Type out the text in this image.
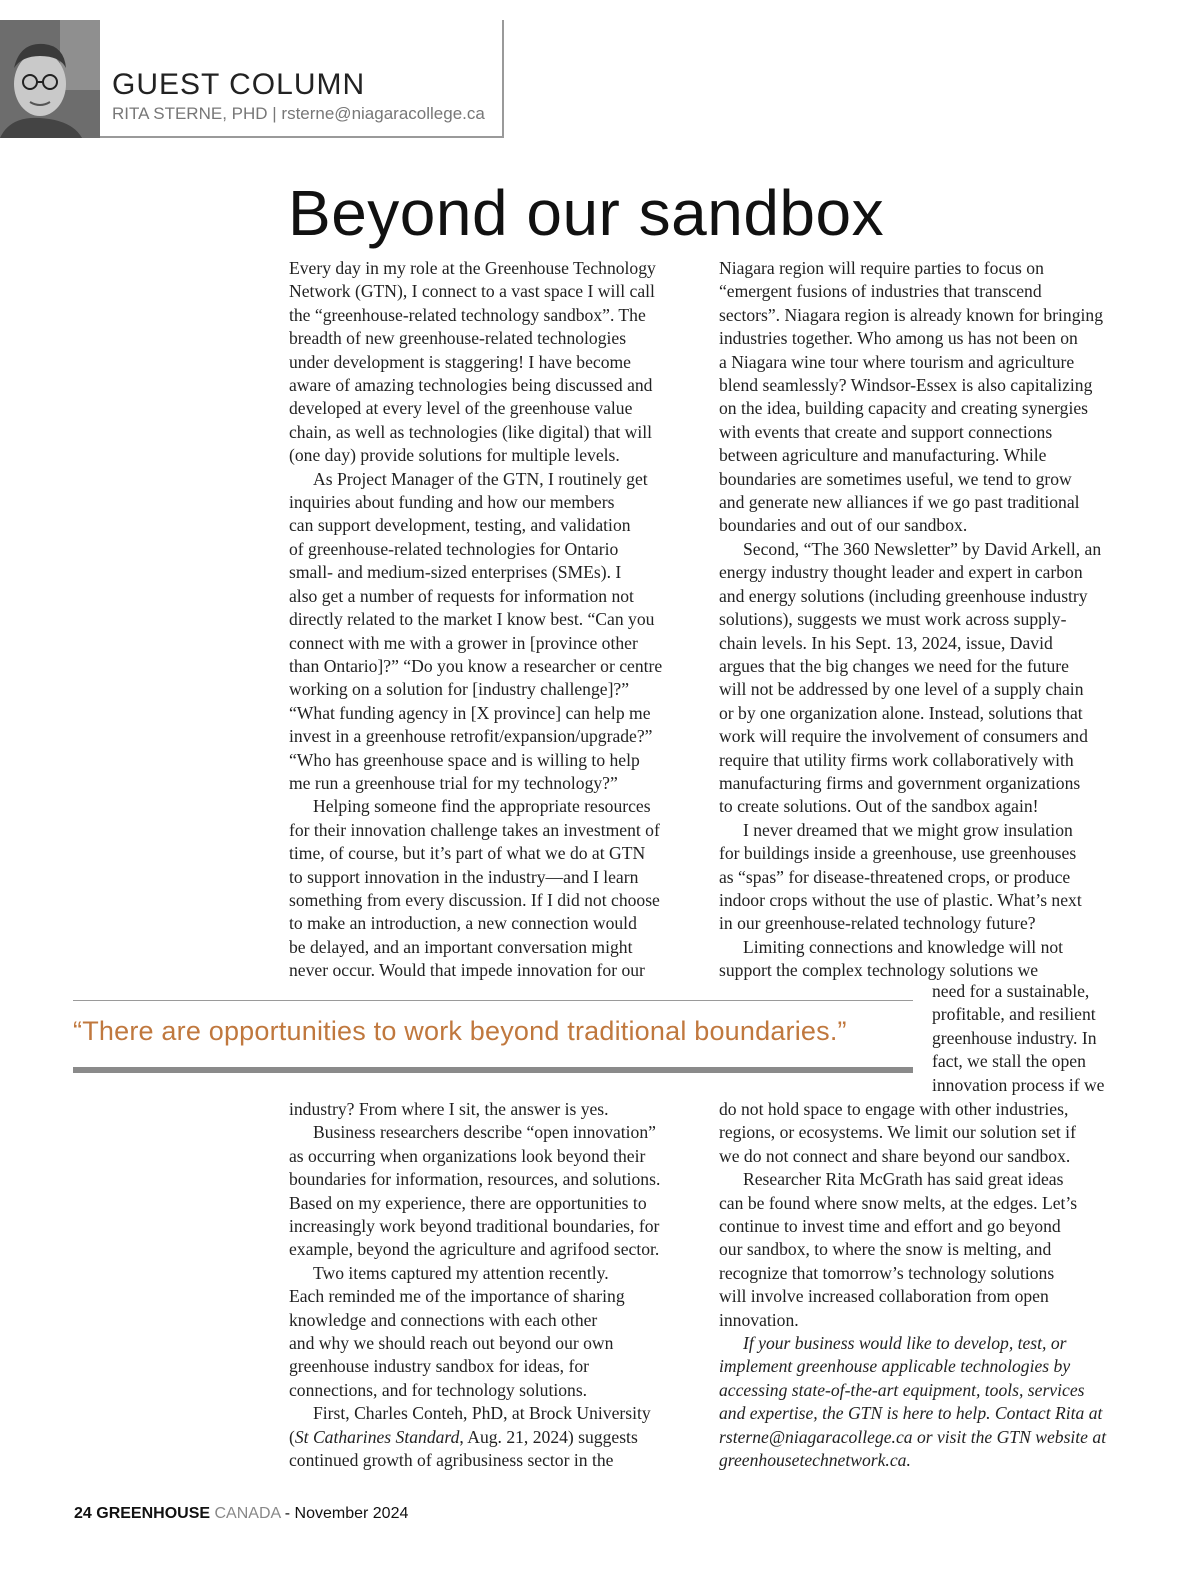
GUEST COLUMN
RITA STERNE, PHD | rsterne@niagaracollege.ca
Beyond our sandbox
Every day in my role at the Greenhouse Technology
Network (GTN), I connect to a vast space I will call
the “greenhouse-related technology sandbox”. The
breadth of new greenhouse-related technologies
under development is staggering! I have become
aware of amazing technologies being discussed and
developed at every level of the greenhouse value
chain, as well as technologies (like digital) that will
(one day) provide solutions for multiple levels.
As Project Manager of the GTN, I routinely get
inquiries about funding and how our members
can support development, testing, and validation
of greenhouse-related technologies for Ontario
small- and medium-sized enterprises (SMEs). I
also get a number of requests for information not
directly related to the market I know best. “Can you
connect with me with a grower in [province other
than Ontario]?” “Do you know a researcher or centre
working on a solution for [industry challenge]?”
“What funding agency in [X province] can help me
invest in a greenhouse retrofit/expansion/upgrade?”
“Who has greenhouse space and is willing to help
me run a greenhouse trial for my technology?”
Helping someone find the appropriate resources
for their innovation challenge takes an investment of
time, of course, but it’s part of what we do at GTN
to support innovation in the industry—and I learn
something from every discussion. If I did not choose
to make an introduction, a new connection would
be delayed, and an important conversation might
never occur. Would that impede innovation for our
Niagara region will require parties to focus on
“emergent fusions of industries that transcend
sectors”. Niagara region is already known for bringing
industries together. Who among us has not been on
a Niagara wine tour where tourism and agriculture
blend seamlessly? Windsor-Essex is also capitalizing
on the idea, building capacity and creating synergies
with events that create and support connections
between agriculture and manufacturing. While
boundaries are sometimes useful, we tend to grow
and generate new alliances if we go past traditional
boundaries and out of our sandbox.
Second, “The 360 Newsletter” by David Arkell, an
energy industry thought leader and expert in carbon
and energy solutions (including greenhouse industry
solutions), suggests we must work across supply-
chain levels. In his Sept. 13, 2024, issue, David
argues that the big changes we need for the future
will not be addressed by one level of a supply chain
or by one organization alone. Instead, solutions that
work will require the involvement of consumers and
require that utility firms work collaboratively with
manufacturing firms and government organizations
to create solutions. Out of the sandbox again!
I never dreamed that we might grow insulation
for buildings inside a greenhouse, use greenhouses
as “spas” for disease-threatened crops, or produce
indoor crops without the use of plastic. What’s next
in our greenhouse-related technology future?
Limiting connections and knowledge will not
support the complex technology solutions we
need for a sustainable,
profitable, and resilient
greenhouse industry. In
fact, we stall the open
innovation process if we
“There are opportunities to work beyond traditional boundaries.”
industry? From where I sit, the answer is yes.
Business researchers describe “open innovation”
as occurring when organizations look beyond their
boundaries for information, resources, and solutions.
Based on my experience, there are opportunities to
increasingly work beyond traditional boundaries, for
example, beyond the agriculture and agrifood sector.
Two items captured my attention recently.
Each reminded me of the importance of sharing
knowledge and connections with each other
and why we should reach out beyond our own
greenhouse industry sandbox for ideas, for
connections, and for technology solutions.
First, Charles Conteh, PhD, at Brock University
(St Catharines Standard, Aug. 21, 2024) suggests
continued growth of agribusiness sector in the
do not hold space to engage with other industries,
regions, or ecosystems. We limit our solution set if
we do not connect and share beyond our sandbox.
Researcher Rita McGrath has said great ideas
can be found where snow melts, at the edges. Let’s
continue to invest time and effort and go beyond
our sandbox, to where the snow is melting, and
recognize that tomorrow’s technology solutions
will involve increased collaboration from open
innovation.
If your business would like to develop, test, or
implement greenhouse applicable technologies by
accessing state-of-the-art equipment, tools, services
and expertise, the GTN is here to help. Contact Rita at
rsterne@niagaracollege.ca or visit the GTN website at
greenhousetechnetwork.ca.
24 GREENHOUSE CANADA - November 2024
